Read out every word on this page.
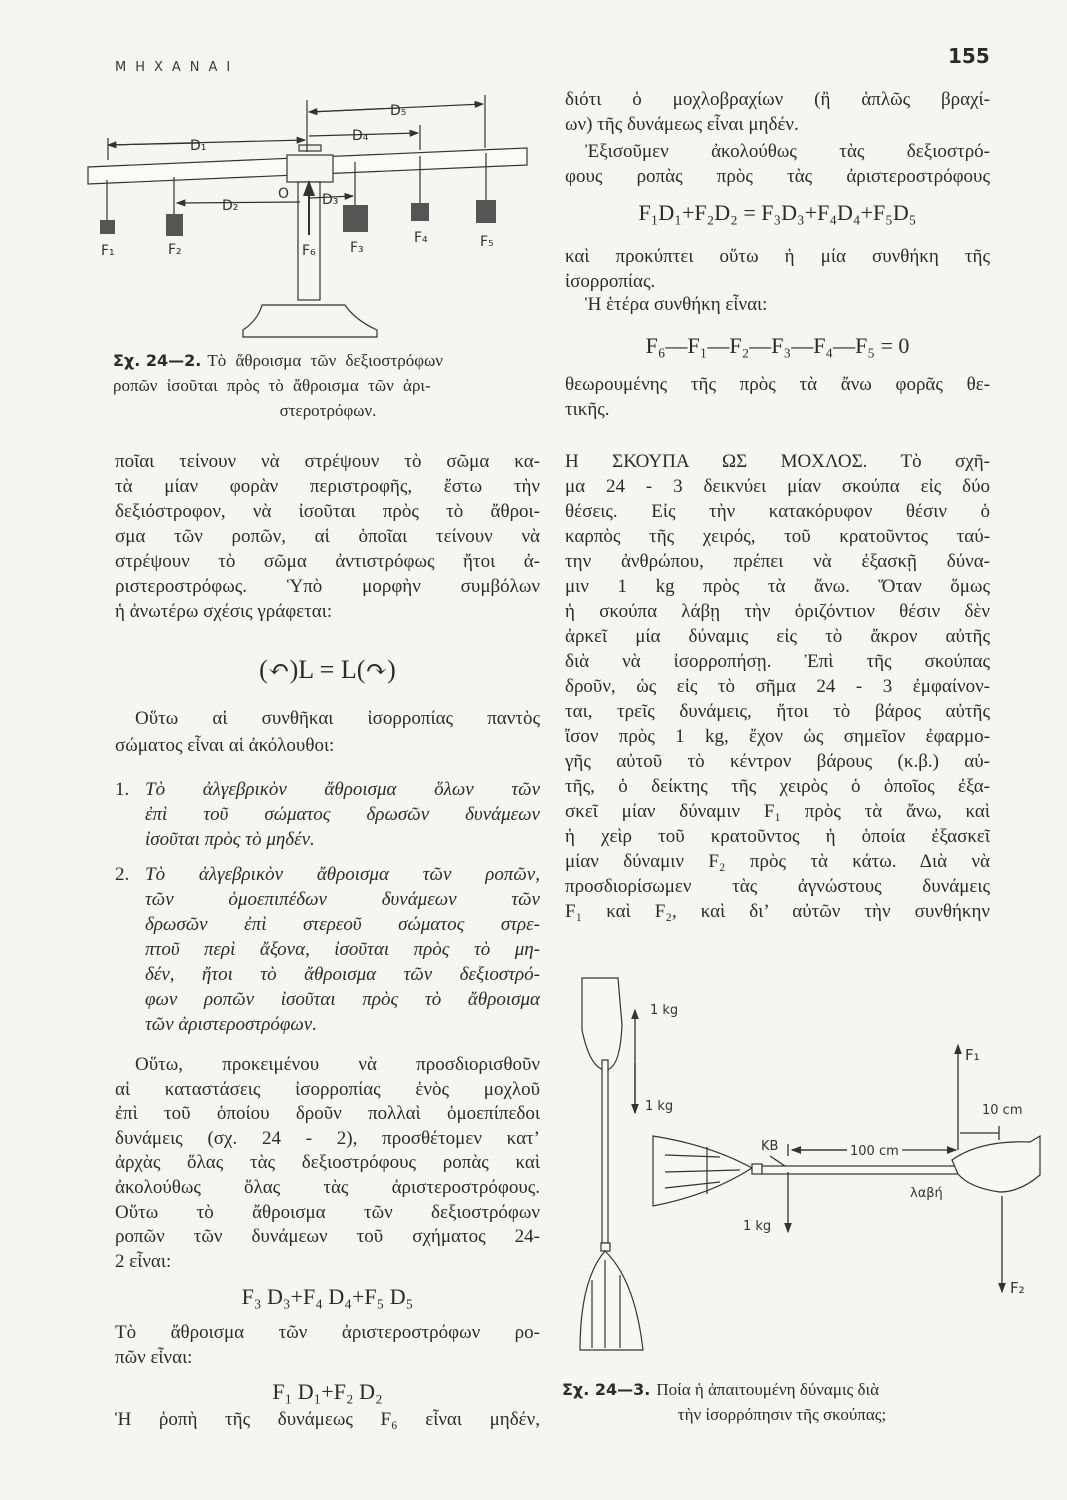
ΜΗΧΑΝΑΙ	155
D₁
D₂	D₃
D₄
D₅
O
F₁	F₂	F₃
F₄	F₅
F₆
Σχ. 24—2. Τὸ ἄθροισμα τῶν δεξιοστρόφων
ροπῶν ἰσοῦται πρὸς τὸ ἄθροισμα τῶν ἀρι-
στεροτρόφων.
ποῖαι τείνουν νὰ στρέψουν τὸ σῶμα κα-
τὰ μίαν φορὰν περιστροφῆς, ἔστω τὴν
δεξιόστροφον, νὰ ἰσοῦται πρὸς τὸ ἄθροι-
σμα τῶν ροπῶν, αἱ ὁποῖαι τείνουν νὰ
στρέψουν τὸ σῶμα ἀντιστρόφως ἤτοι ἀ-
ριστεροστρόφως. Ὑπὸ μορφὴν συμβόλων
ἡ ἀνωτέρω σχέσις γράφεται:
(↶)L = L(↷)
Οὕτω αἱ συνθῆκαι ἰσορροπίας παντὸς
σώματος εἶναι αἱ ἀκόλουθοι:
1. Τὸ ἀλγεβρικὸν ἄθροισμα ὅλων τῶν
ἐπὶ τοῦ σώματος δρωσῶν δυνάμεων
ἰσοῦται πρὸς τὸ μηδέν.
2. Τὸ ἀλγεβρικὸν ἄθροισμα τῶν ροπῶν,
τῶν ὁμοεπιπέδων δυνάμεων τῶν
δρωσῶν ἐπὶ στερεοῦ σώματος στρε-
πτοῦ περὶ ἄξονα, ἰσοῦται πρὸς τὸ μη-
δέν, ἤτοι τὸ ἄθροισμα τῶν δεξιοστρό-
φων ροπῶν ἰσοῦται πρὸς τὸ ἄθροισμα
τῶν ἀριστεροστρόφων.
Οὕτω, προκειμένου νὰ προσδιορισθοῦν
αἱ καταστάσεις ἰσορροπίας ἑνὸς μοχλοῦ
ἐπὶ τοῦ ὁποίου δροῦν πολλαὶ ὁμοεπίπεδοι
δυνάμεις (σχ. 24 - 2), προσθέτομεν κατ’
ἀρχὰς ὅλας τὰς δεξιοστρόφους ροπὰς καὶ
ἀκολούθως ὅλας τὰς ἀριστεροστρόφους.
Οὕτω τὸ ἄθροισμα τῶν δεξιοστρόφων
ροπῶν τῶν δυνάμεων τοῦ σχήματος 24-
2 εἶναι:
F₃ D₃+F₄ D₄+F₅ D₅
Τὸ ἄθροισμα τῶν ἀριστεροστρόφων ρο-
πῶν εἶναι:
F₁ D₁+F₂ D₂
Ἡ ῥοπὴ τῆς δυνάμεως F₆ εἶναι μηδέν,
διότι ὁ μοχλοβραχίων (ἢ ἁπλῶς βραχί-
ων) τῆς δυνάμεως εἶναι μηδέν.
Ἐξισοῦμεν ἀκολούθως τὰς δεξιοστρό-
φους ροπὰς πρὸς τὰς ἀριστεροστρόφους
F₁D₁+F₂D₂ = F₃D₃+F₄D₄+F₅D₅
καὶ προκύπτει οὕτω ἡ μία συνθήκη τῆς
ἰσορροπίας.
Ἡ ἑτέρα συνθήκη εἶναι:
F₆—F₁—F₂—F₃—F₄—F₅ = 0
θεωρουμένης τῆς πρὸς τὰ ἄνω φορᾶς θε-
τικῆς.
Η ΣΚΟΥΠΑ ΩΣ ΜΟΧΛΟΣ. Τὸ σχῆ-
μα 24 - 3 δεικνύει μίαν σκούπα εἰς δύο
θέσεις. Εἰς τὴν κατακόρυφον θέσιν ὁ
καρπὸς τῆς χειρός, τοῦ κρατοῦντος ταύ-
την ἀνθρώπου, πρέπει νὰ ἐξασκῇ δύνα-
μιν 1 kg πρὸς τὰ ἄνω. Ὅταν ὅμως
ἡ σκούπα λάβῃ τὴν ὁριζόντιον θέσιν δὲν
ἀρκεῖ μία δύναμις εἰς τὸ ἄκρον αὐτῆς
διὰ νὰ ἰσορροπήσῃ. Ἐπὶ τῆς σκούπας
δροῦν, ὡς εἰς τὸ σῆμα 24 - 3 ἐμφαίνον-
ται, τρεῖς δυνάμεις, ἤτοι τὸ βάρος αὐτῆς
ἴσον πρὸς 1 kg, ἔχον ὡς σημεῖον ἐφαρμο-
γῆς αὐτοῦ τὸ κέντρον βάρους (κ.β.) αὐ-
τῆς, ὁ δείκτης τῆς χειρὸς ὁ ὁποῖος ἐξα-
σκεῖ μίαν δύναμιν F₁ πρὸς τὰ ἄνω, καὶ
ἡ χεὶρ τοῦ κρατοῦντος ἡ ὁποία ἐξασκεῖ
μίαν δύναμιν F₂ πρὸς τὰ κάτω. Διὰ νὰ
προσδιορίσωμεν τὰς ἀγνώστους δυνάμεις
F₁ καὶ F₂, καὶ δι’ αὐτῶν τὴν συνθήκην
1 kg
1 kg
1 kg
KB	100 cm
10 cm
λαβή
F₁
F₂
Σχ. 24—3. Ποία ἡ ἀπαιτουμένη δύναμις διὰ
τὴν ἰσορρόπησιν τῆς σκούπας;
